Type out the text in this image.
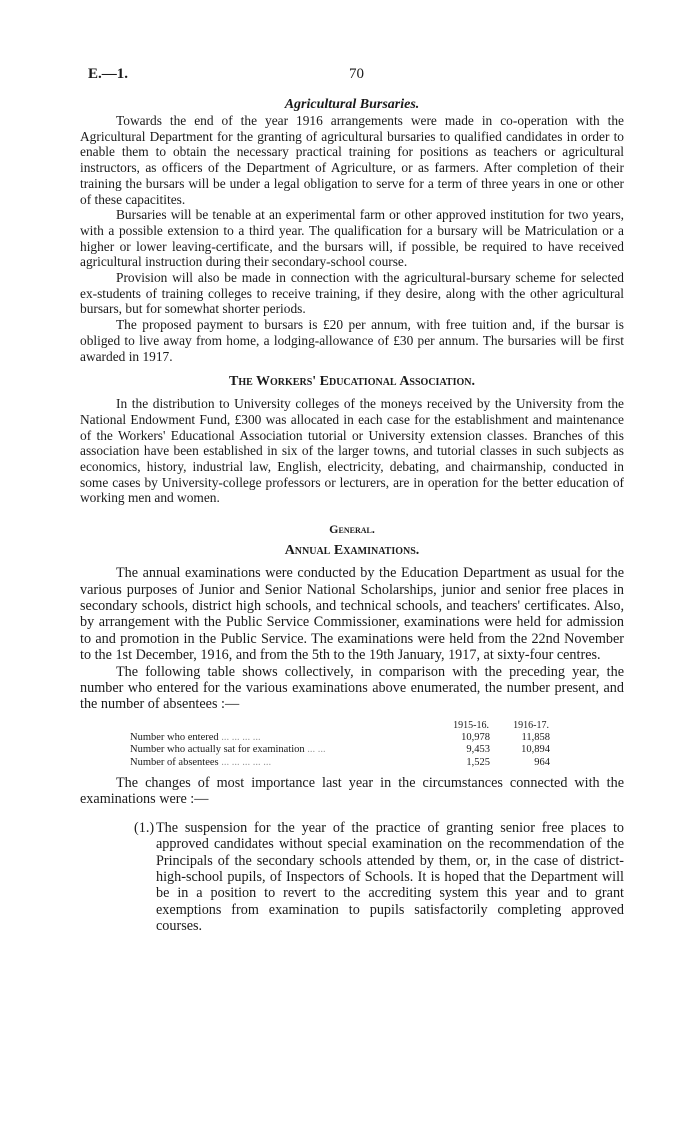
E.—1.	70
Agricultural Bursaries.

Towards the end of the year 1916 arrangements were made in co-operation with the Agricultural Department for the granting of agricultural bursaries to qualified candidates in order to enable them to obtain the necessary practical training for positions as teachers or agricultural instructors, as officers of the Department of Agriculture, or as farmers. After completion of their training the bursars will be under a legal obligation to serve for a term of three years in one or other of these capacitites.

Bursaries will be tenable at an experimental farm or other approved institution for two years, with a possible extension to a third year. The qualification for a bursary will be Matriculation or a higher or lower leaving-certificate, and the bursars will, if possible, be required to have received agricultural instruction during their secondary-school course.

Provision will also be made in connection with the agricultural-bursary scheme for selected ex-students of training colleges to receive training, if they desire, along with the other agricultural bursars, but for somewhat shorter periods.

The proposed payment to bursars is £20 per annum, with free tuition and, if the bursar is obliged to live away from home, a lodging-allowance of £30 per annum. The bursaries will be first awarded in 1917.

The Workers' Educational Association.

In the distribution to University colleges of the moneys received by the University from the National Endowment Fund, £300 was allocated in each case for the establishment and maintenance of the Workers' Educational Association tutorial or University extension classes. Branches of this association have been established in six of the larger towns, and tutorial classes in such subjects as economics, history, industrial law, English, electricity, debating, and chairmanship, conducted in some cases by University-college professors or lecturers, are in operation for the better education of working men and women.

General.
Annual Examinations.

The annual examinations were conducted by the Education Department as usual for the various purposes of Junior and Senior National Scholarships, junior and senior free places in secondary schools, district high schools, and technical schools, and teachers' certificates. Also, by arrangement with the Public Service Commissioner, examinations were held for admission to and promotion in the Public Service. The examinations were held from the 22nd November to the 1st December, 1916, and from the 5th to the 19th January, 1917, at sixty-four centres.

The following table shows collectively, in comparison with the preceding year, the number who entered for the various examinations above enumerated, the number present, and the number of absentees :—

	1915-16.	1916-17.
Number who entered ... ... ... ...	10,978	11,858
Number who actually sat for examination ... ...	9,453	10,894
Number of absentees ... ... ... ... ...	1,525	964

The changes of most importance last year in the circumstances connected with the examinations were :—

(1.) The suspension for the year of the practice of granting senior free places to approved candidates without special examination on the recommendation of the Principals of the secondary schools attended by them, or, in the case of district-high-school pupils, of Inspectors of Schools. It is hoped that the Department will be in a position to revert to the accrediting system this year and to grant exemptions from examination to pupils satisfactorily completing approved courses.
